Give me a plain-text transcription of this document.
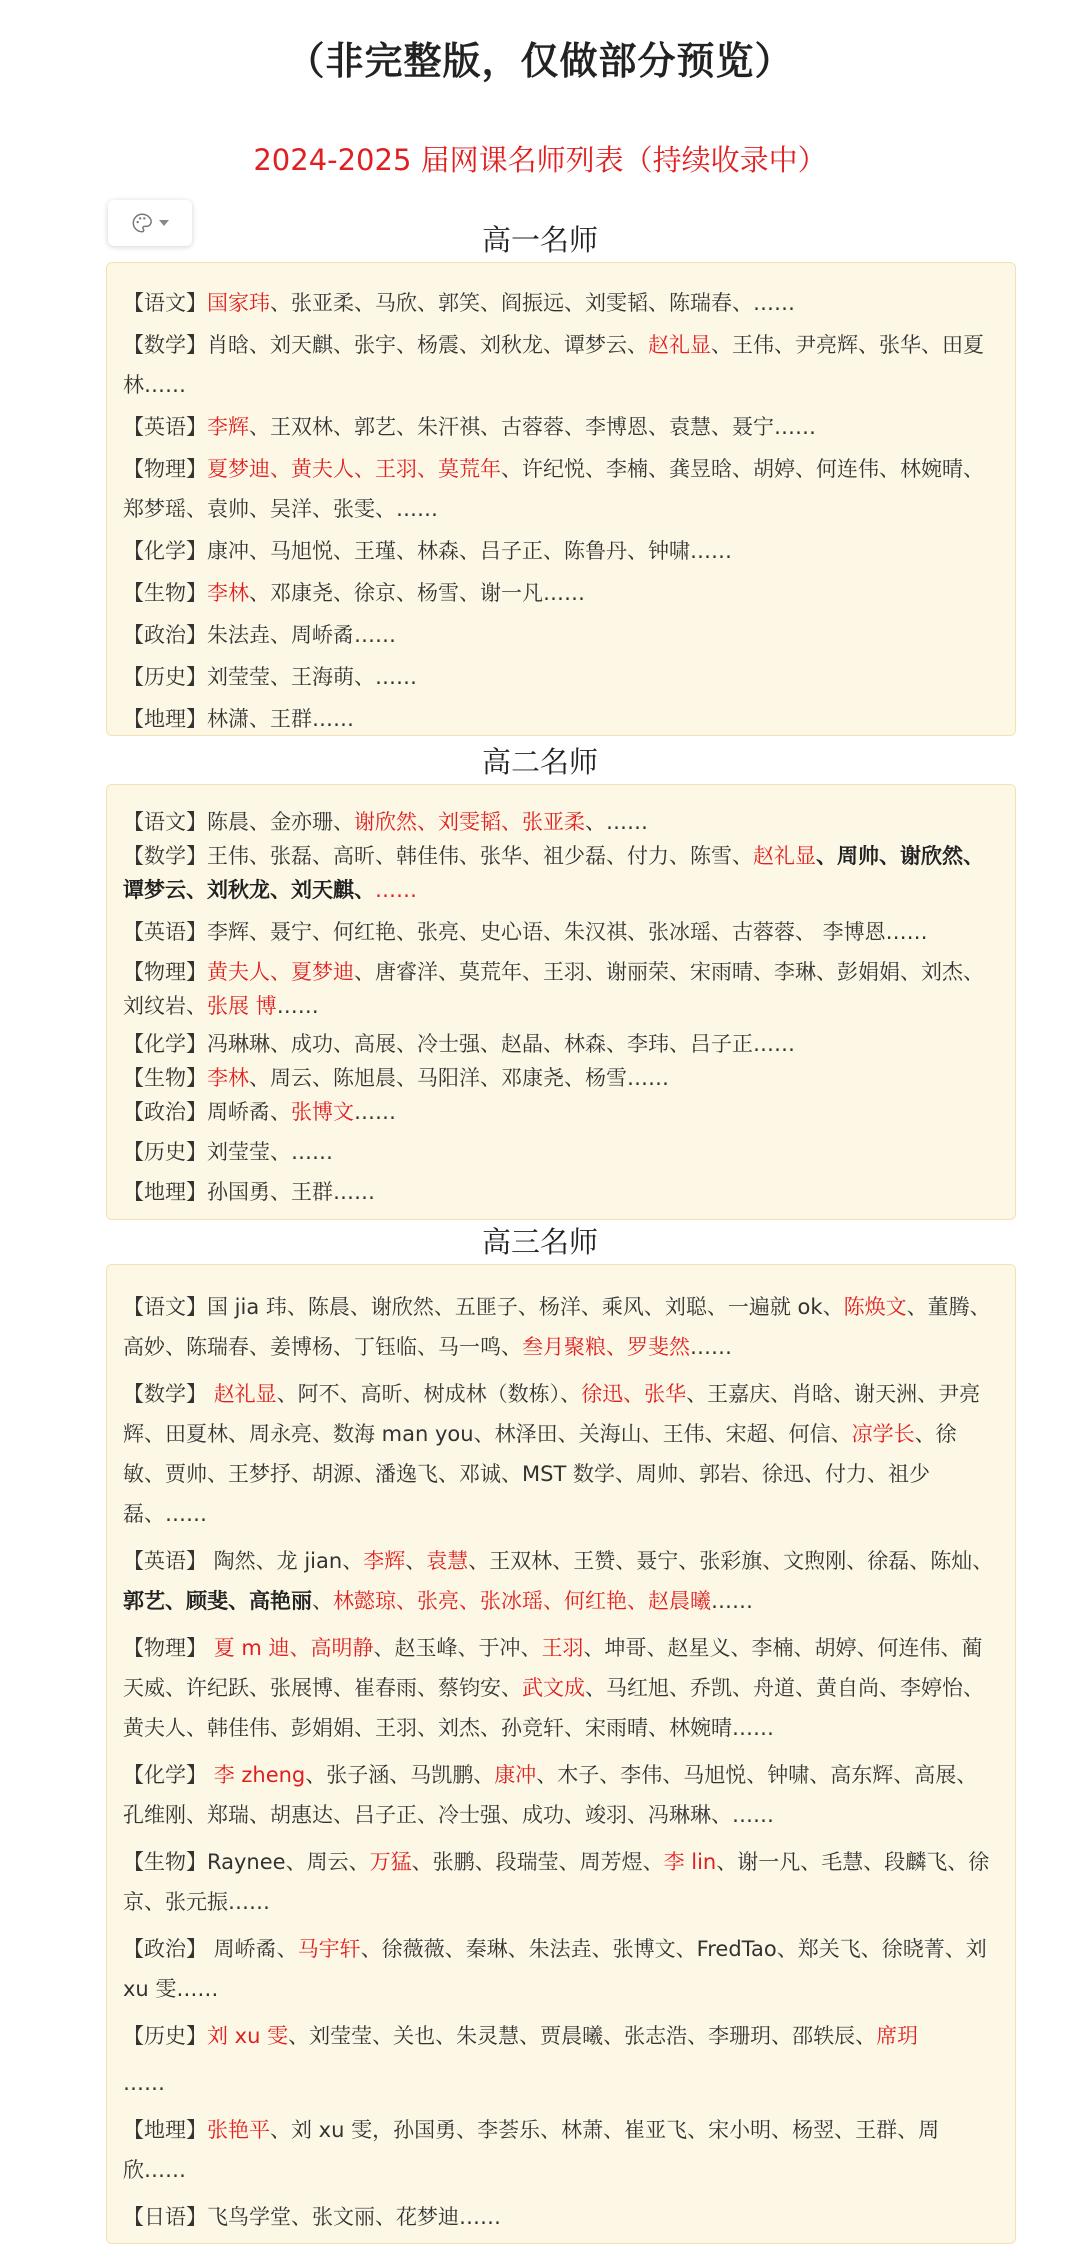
（非完整版，仅做部分预览）
2024-2025 届网课名师列表（持续收录中）
高一名师
【语文】国家玮、张亚柔、马欣、郭笑、阎振远、刘雯韬、陈瑞春、……
【数学】肖晗、刘天麒、张宇、杨震、刘秋龙、谭梦云、赵礼显、王伟、尹亮辉、张华、田夏林……
【英语】李辉、王双林、郭艺、朱汗祺、古蓉蓉、李博恩、袁慧、聂宁……
【物理】夏梦迪、黄夫人、王羽、莫荒年、许纪悦、李楠、龚昱晗、胡婷、何连伟、林婉晴、郑梦瑶、袁帅、吴洋、张雯、……
【化学】康冲、马旭悦、王瑾、林森、吕子正、陈鲁丹、钟啸……
【生物】李林、邓康尧、徐京、杨雪、谢一凡……
【政治】朱法垚、周峤矞……
【历史】刘莹莹、王海萌、……
【地理】林潇、王群……
高二名师
【语文】陈晨、金亦珊、谢欣然、刘雯韬、张亚柔、……
【数学】王伟、张磊、高昕、韩佳伟、张华、祖少磊、付力、陈雪、赵礼显、周帅、谢欣然、谭梦云、刘秋龙、刘天麒、……
【英语】李辉、聂宁、何红艳、张亮、史心语、朱汉祺、张冰瑶、古蓉蓉、 李博恩……
【物理】黄夫人、夏梦迪、唐睿洋、莫荒年、王羽、谢丽荣、宋雨晴、李琳、彭娟娟、刘杰、刘纹岩、张展 博……
【化学】冯琳琳、成功、高展、冷士强、赵晶、林森、李玮、吕子正……
【生物】李林、周云、陈旭晨、马阳洋、邓康尧、杨雪……
【政治】周峤矞、张博文……
【历史】刘莹莹、……
【地理】孙国勇、王群……
高三名师
【语文】国 jia 玮、陈晨、谢欣然、五匪子、杨洋、乘风、刘聪、一遍就 ok、陈焕文、董腾、高妙、陈瑞春、姜博杨、丁钰临、马一鸣、叁月聚粮、罗斐然……
【数学】 赵礼显、阿不、高昕、树成林（数栋）、徐迅、张华、王嘉庆、肖晗、谢天洲、尹亮辉、田夏林、周永亮、数海 man you、林泽田、关海山、王伟、宋超、何信、凉学长、徐敏、贾帅、王梦抒、胡源、潘逸飞、邓诚、MST 数学、周帅、郭岩、徐迅、付力、祖少磊、……
【英语】 陶然、龙 jian、李辉、袁慧、王双林、王赞、聂宁、张彩旗、文煦刚、徐磊、陈灿、郭艺、顾斐、高艳丽、林懿琼、张亮、张冰瑶、何红艳、赵晨曦……
【物理】 夏 m 迪、高明静、赵玉峰、于冲、王羽、坤哥、赵星义、李楠、胡婷、何连伟、蔺天威、许纪跃、张展博、崔春雨、蔡钧安、武文成、马红旭、乔凯、舟道、黄自尚、李婷怡、黄夫人、韩佳伟、彭娟娟、王羽、刘杰、孙竞轩、宋雨晴、林婉晴……
【化学】 李 zheng、张子涵、马凯鹏、康冲、木子、李伟、马旭悦、钟啸、高东辉、高展、孔维刚、郑瑞、胡惠达、吕子正、冷士强、成功、竣羽、冯琳琳、……
【生物】Raynee、周云、万猛、张鹏、段瑞莹、周芳煜、李 lin、谢一凡、毛慧、段麟飞、徐京、张元振……
【政治】 周峤矞、马宇轩、徐薇薇、秦琳、朱法垚、张博文、FredTao、郑关飞、徐晓菁、刘 xu 雯……
【历史】刘 xu 雯、刘莹莹、关也、朱灵慧、贾晨曦、张志浩、李珊玥、邵轶辰、席玥
……
【地理】张艳平、刘 xu 雯，孙国勇、李荟乐、林萧、崔亚飞、宋小明、杨翌、王群、周欣……
【日语】飞鸟学堂、张文丽、花梦迪……
